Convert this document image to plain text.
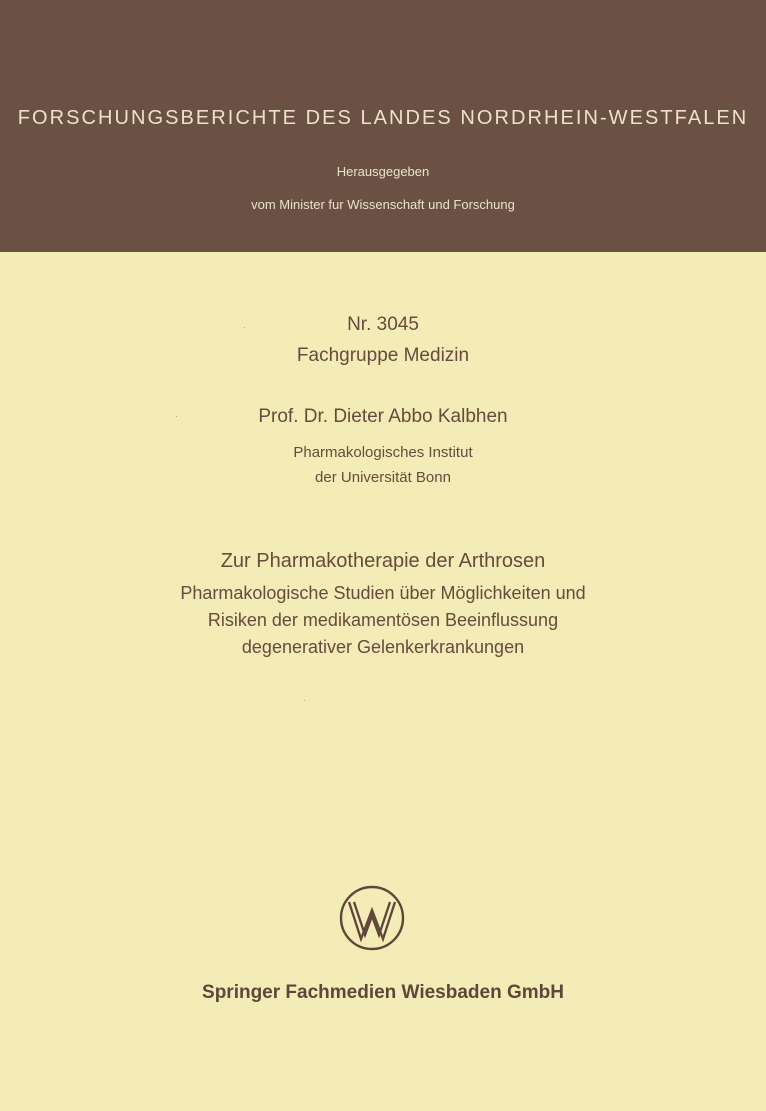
FORSCHUNGSBERICHTE DES LANDES NORDRHEIN-WESTFALEN
Herausgegeben
vom Minister fur Wissenschaft und Forschung
Nr. 3045
Fachgruppe Medizin
Prof. Dr. Dieter Abbo Kalbhen
Pharmakologisches Institut
der Universität Bonn
Zur Pharmakotherapie der Arthrosen
Pharmakologische Studien über Möglichkeiten und
Risiken der medikamentösen Beeinflussung
degenerativer Gelenkerkrankungen
Springer Fachmedien Wiesbaden GmbH
